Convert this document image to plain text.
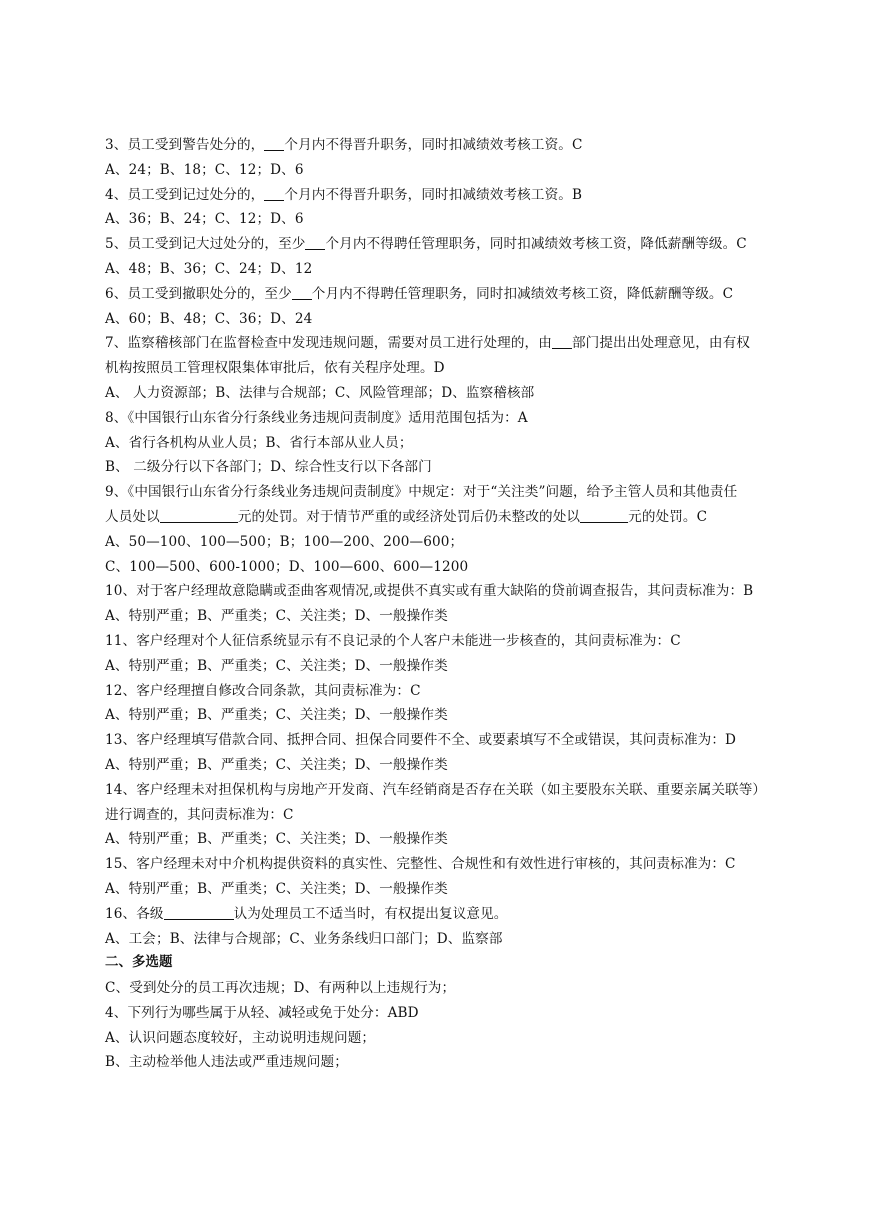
3、员工受到警告处分的， 个月内不得晋升职务，同时扣减绩效考核工资。C
A、24；B、18；C、12；D、6
4、员工受到记过处分的， 个月内不得晋升职务，同时扣减绩效考核工资。B
A、36；B、24；C、12；D、6
5、员工受到记大过处分的，至少 个月内不得聘任管理职务，同时扣减绩效考核工资，降低薪酬等级。C
A、48；B、36；C、24；D、12
6、员工受到撤职处分的，至少 个月内不得聘任管理职务，同时扣减绩效考核工资，降低薪酬等级。C
A、60；B、48；C、36；D、24
7、监察稽核部门在监督检查中发现违规问题，需要对员工进行处理的，由 部门提出出处理意见，由有权
机构按照员工管理权限集体审批后，依有关程序处理。D
A、 人力资源部；B、法律与合规部；C、风险管理部；D、监察稽核部
8、《中国银行山东省分行条线业务违规问责制度》适用范围包括为：A
A、省行各机构从业人员；B、省行本部从业人员；
B、 二级分行以下各部门；D、综合性支行以下各部门
9、《中国银行山东省分行条线业务违规问责制度》中规定：对于“关注类”问题，给予主管人员和其他责任
人员处以	元的处罚。对于情节严重的或经济处罚后仍未整改的处以	元的处罚。C
A、50—100、100—500；B；100—200、200—600；
C、100—500、600-1000；D、100—600、600—1200
10、对于客户经理故意隐瞒或歪曲客观情况,或提供不真实或有重大缺陷的贷前调查报告，其问责标准为：B
A、特别严重；B、严重类；C、关注类；D、一般操作类
11、客户经理对个人征信系统显示有不良记录的个人客户未能进一步核查的，其问责标准为：C
A、特别严重；B、严重类；C、关注类；D、一般操作类
12、客户经理擅自修改合同条款，其问责标准为：C
A、特别严重；B、严重类；C、关注类；D、一般操作类
13、客户经理填写借款合同、抵押合同、担保合同要件不全、或要素填写不全或错误，其问责标准为：D
A、特别严重；B、严重类；C、关注类；D、一般操作类
14、客户经理未对担保机构与房地产开发商、汽车经销商是否存在关联（如主要股东关联、重要亲属关联等）
进行调查的，其问责标准为：C
A、特别严重；B、严重类；C、关注类；D、一般操作类
15、客户经理未对中介机构提供资料的真实性、完整性、合规性和有效性进行审核的，其问责标准为：C
A、特别严重；B、严重类；C、关注类；D、一般操作类
16、各级	认为处理员工不适当时，有权提出复议意见。
A、工会；B、法律与合规部；C、业务条线归口部门；D、监察部
二、多选题
C、受到处分的员工再次违规；D、有两种以上违规行为；
4、下列行为哪些属于从轻、减轻或免于处分：ABD
A、认识问题态度较好，主动说明违规问题；
B、主动检举他人违法或严重违规问题；
